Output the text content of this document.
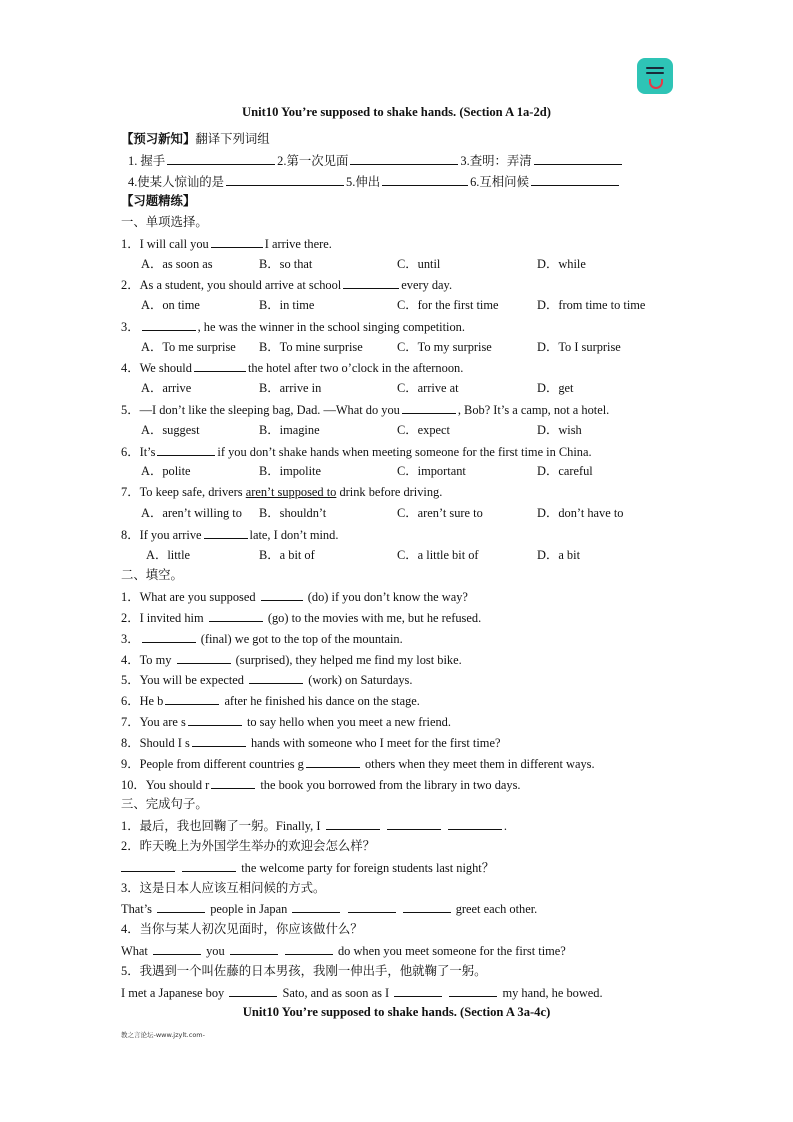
Unit10 You’re supposed to shake hands. (Section A 1a-2d)
【预习新知】翻译下列词组
1. 握手	2.第一次见面	3.查明：弄清
4.使某人惊讪的是	5.伸出	6.互相问候
【习题精练】
一、单项选择。
1．I will call you	I arrive there.
A．as soon as	B．so that	C．until	D．while
2．As a student, you should arrive at school	every day.
A．on time	B．in time	C．for the first time	D．from time to time
3．	, he was the winner in the school singing competition.
A．To me surprise B．To mine surprise	C．To my surprise	D．To I surprise
4．We should	the hotel after two o’clock in the afternoon.
A．arrive	B．arrive in	C．arrive at	D．get
5．—I don’t like the sleeping bag, Dad. —What do you	, Bob? It’s a camp, not a hotel.
A．suggest	B．imagine	C．expect	D．wish
6．It’s	if you don’t shake hands when meeting someone for the first time in China.
A．polite	B．impolite	C．important	D．careful
7．To keep safe, drivers aren’t supposed to drink before driving.
A．aren’t willing to B．shouldn’t	C．aren’t sure to	D．don’t have to
8．If you arrive	late, I don’t mind.
A．little	B．a bit of	C．a little bit of	D．a bit
二、填空。
1．What are you supposed	(do) if you don’t know the way?
2．I invited him	(go) to the movies with me, but he refused.
3．	(final) we got to the top of the mountain.
4．To my	(surprised), they helped me find my lost bike.
5．You will be expected	(work) on Saturdays.
6．He b	after he finished his dance on the stage.
7．You are s	to say hello when you meet a new friend.
8．Should I s	hands with someone who I meet for the first time?
9．People from different countries g	others when they meet them in different ways.
10．You should r	the book you borrowed from the library in two days.
三、完成句子。
1．最后，我也回鞠了一躬。Finally, I	.
2．昨天晚上为外国学生举办的欢迎会怎么样？
the welcome party for foreign students last night？
3．这是日本人应该互相问候的方式。
That’s	people in Japan	greet each other.
4．当你与某人初次见面时，你应该做什么？
What	you	do when you meet someone for the first time?
5．我遇到一个叫佐藤的日本男孩，我刚一伸出手，他就鞠了一躬。
I met a Japanese boy	Sato, and as soon as I	my hand, he bowed.
Unit10 You’re supposed to shake hands. (Section A 3a-4c)
教之言论坛-www.jzylt.com-
